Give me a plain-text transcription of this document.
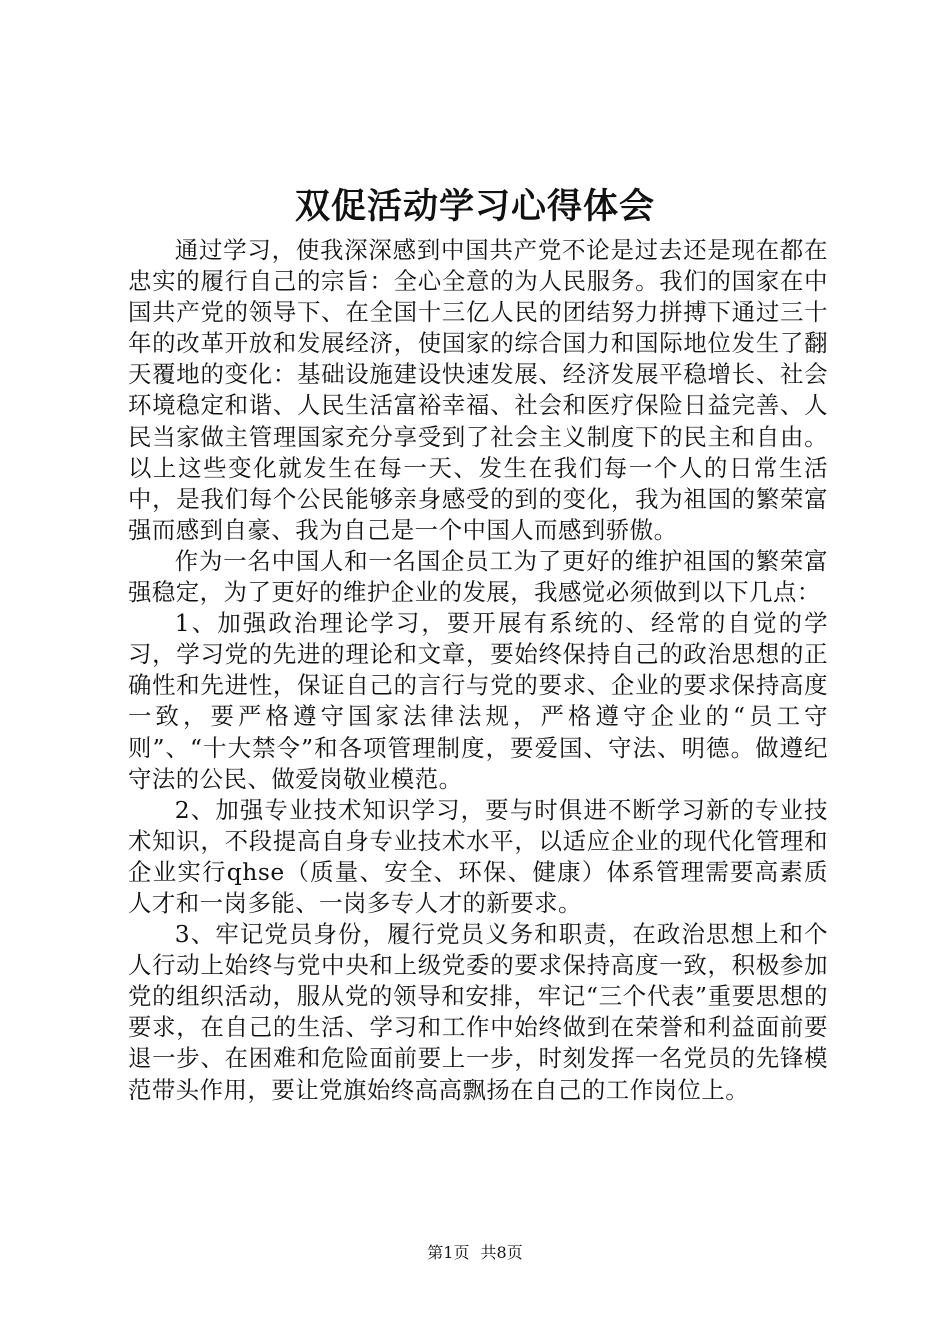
双促活动学习心得体会

通过学习，使我深深感到中国共产党不论是过去还是现在都在忠实的履行自己的宗旨：全心全意的为人民服务。我们的国家在中国共产党的领导下、在全国十三亿人民的团结努力拼搏下通过三十年的改革开放和发展经济，使国家的综合国力和国际地位发生了翻天覆地的变化：基础设施建设快速发展、经济发展平稳增长、社会环境稳定和谐、人民生活富裕幸福、社会和医疗保险日益完善、人民当家做主管理国家充分享受到了社会主义制度下的民主和自由。以上这些变化就发生在每一天、发生在我们每一个人的日常生活中，是我们每个公民能够亲身感受的到的变化，我为祖国的繁荣富强而感到自豪、我为自己是一个中国人而感到骄傲。

作为一名中国人和一名国企员工为了更好的维护祖国的繁荣富强稳定，为了更好的维护企业的发展，我感觉必须做到以下几点：

1、加强政治理论学习，要开展有系统的、经常的自觉的学习，学习党的先进的理论和文章，要始终保持自己的政治思想的正确性和先进性，保证自己的言行与党的要求、企业的要求保持高度一致，要严格遵守国家法律法规，严格遵守企业的“员工守则”、“十大禁令”和各项管理制度，要爱国、守法、明德。做遵纪守法的公民、做爱岗敬业模范。

2、加强专业技术知识学习，要与时俱进不断学习新的专业技术知识，不段提高自身专业技术水平，以适应企业的现代化管理和企业实行qhse（质量、安全、环保、健康）体系管理需要高素质人才和一岗多能、一岗多专人才的新要求。

3、牢记党员身份，履行党员义务和职责，在政治思想上和个人行动上始终与党中央和上级党委的要求保持高度一致，积极参加党的组织活动，服从党的领导和安排，牢记“三个代表”重要思想的要求，在自己的生活、学习和工作中始终做到在荣誉和利益面前要退一步、在困难和危险面前要上一步，时刻发挥一名党员的先锋模范带头作用，要让党旗始终高高飘扬在自己的工作岗位上。

第1页 共8页
